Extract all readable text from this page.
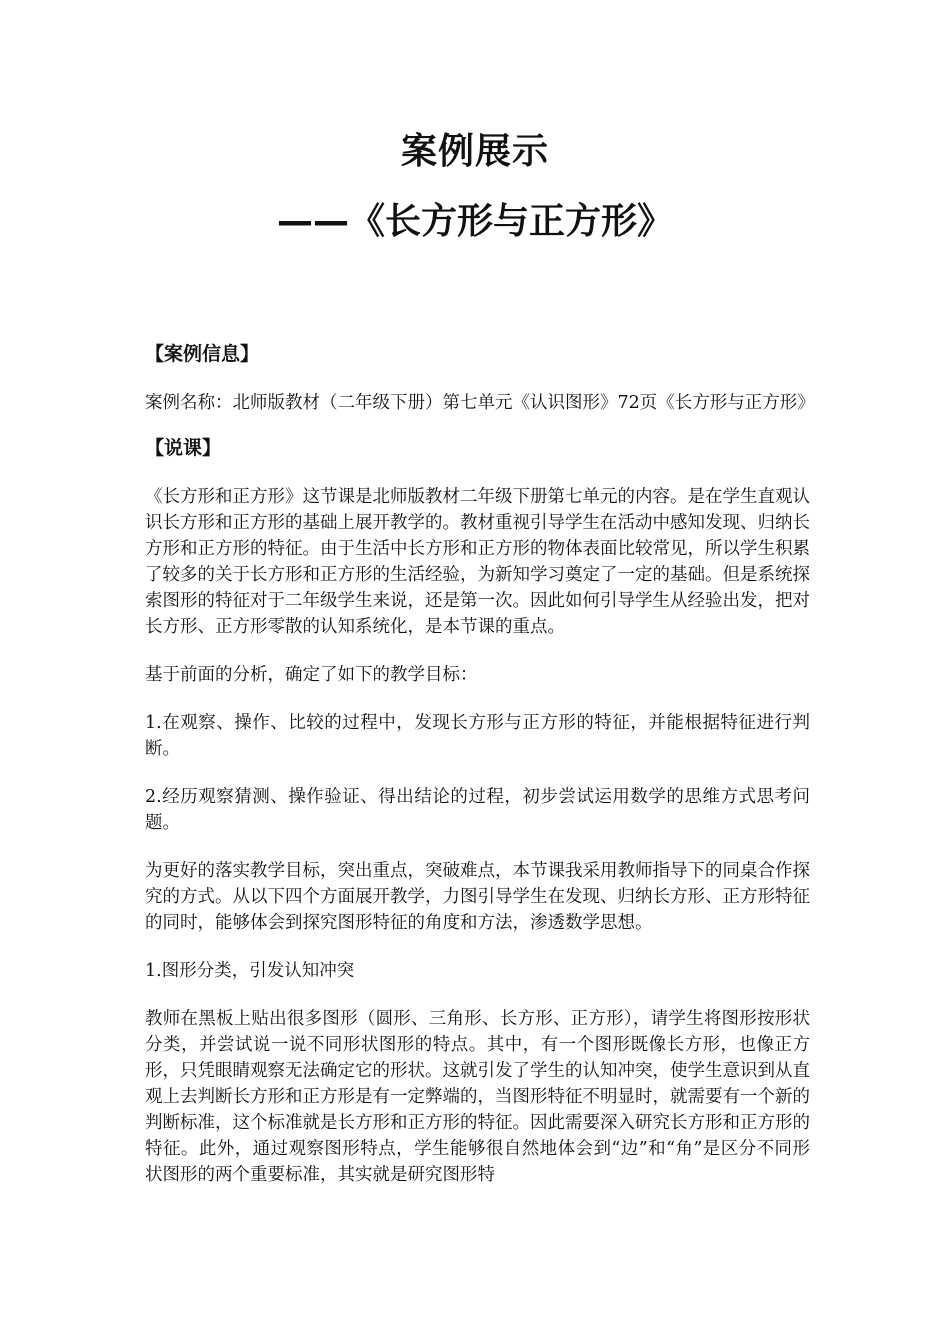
案例展示
——《长方形与正方形》
【案例信息】

案例名称：北师版教材（二年级下册）第七单元《认识图形》72页《长方形与正方形》

【说课】

《长方形和正方形》这节课是北师版教材二年级下册第七单元的内容。是在学生直观认识长方形和正方形的基础上展开教学的。教材重视引导学生在活动中感知发现、归纳长方形和正方形的特征。由于生活中长方形和正方形的物体表面比较常见，所以学生积累了较多的关于长方形和正方形的生活经验，为新知学习奠定了一定的基础。但是系统探索图形的特征对于二年级学生来说，还是第一次。因此如何引导学生从经验出发，把对长方形、正方形零散的认知系统化，是本节课的重点。

基于前面的分析，确定了如下的教学目标：

1.在观察、操作、比较的过程中，发现长方形与正方形的特征，并能根据特征进行判断。

2.经历观察猜测、操作验证、得出结论的过程，初步尝试运用数学的思维方式思考问题。

为更好的落实教学目标，突出重点，突破难点，本节课我采用教师指导下的同桌合作探究的方式。从以下四个方面展开教学，力图引导学生在发现、归纳长方形、正方形特征的同时，能够体会到探究图形特征的角度和方法，渗透数学思想。

1.图形分类，引发认知冲突

教师在黑板上贴出很多图形（圆形、三角形、长方形、正方形），请学生将图形按形状分类，并尝试说一说不同形状图形的特点。其中，有一个图形既像长方形，也像正方形，只凭眼睛观察无法确定它的形状。这就引发了学生的认知冲突，使学生意识到从直观上去判断长方形和正方形是有一定弊端的，当图形特征不明显时，就需要有一个新的判断标准，这个标准就是长方形和正方形的特征。因此需要深入研究长方形和正方形的特征。此外，通过观察图形特点，学生能够很自然地体会到“边”和“角”是区分不同形状图形的两个重要标准，其实就是研究图形特
